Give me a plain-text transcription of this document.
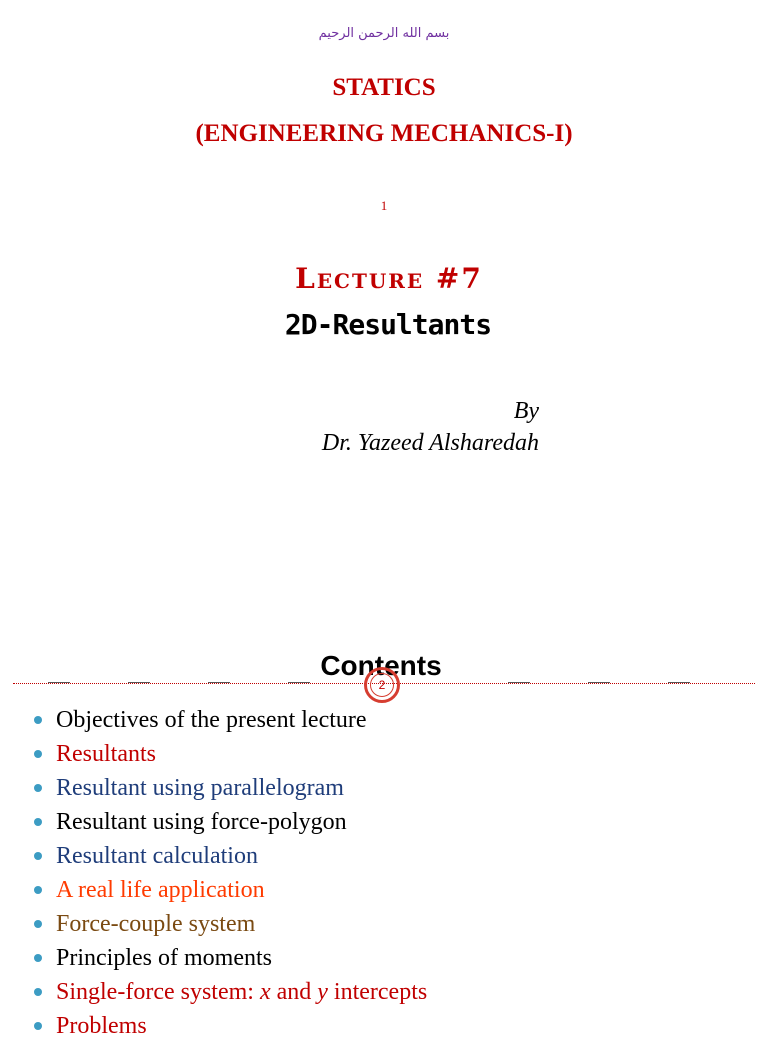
ﺑﺴﻢ ﺍﻟﻠﻪ ﺍﻟﺮﺣﻤﻦ ﺍﻟﺮﺣﻴﻢ
STATICS
(ENGINEERING MECHANICS-I)
1
Lecture #7
2D-Resultants
By
Dr. Yazeed Alsharedah
Contents
2
Objectives of the present lecture
Resultants
Resultant using parallelogram
Resultant using force-polygon
Resultant calculation
A real life application
Force-couple system
Principles of moments
Single-force system: x and y intercepts
Problems
